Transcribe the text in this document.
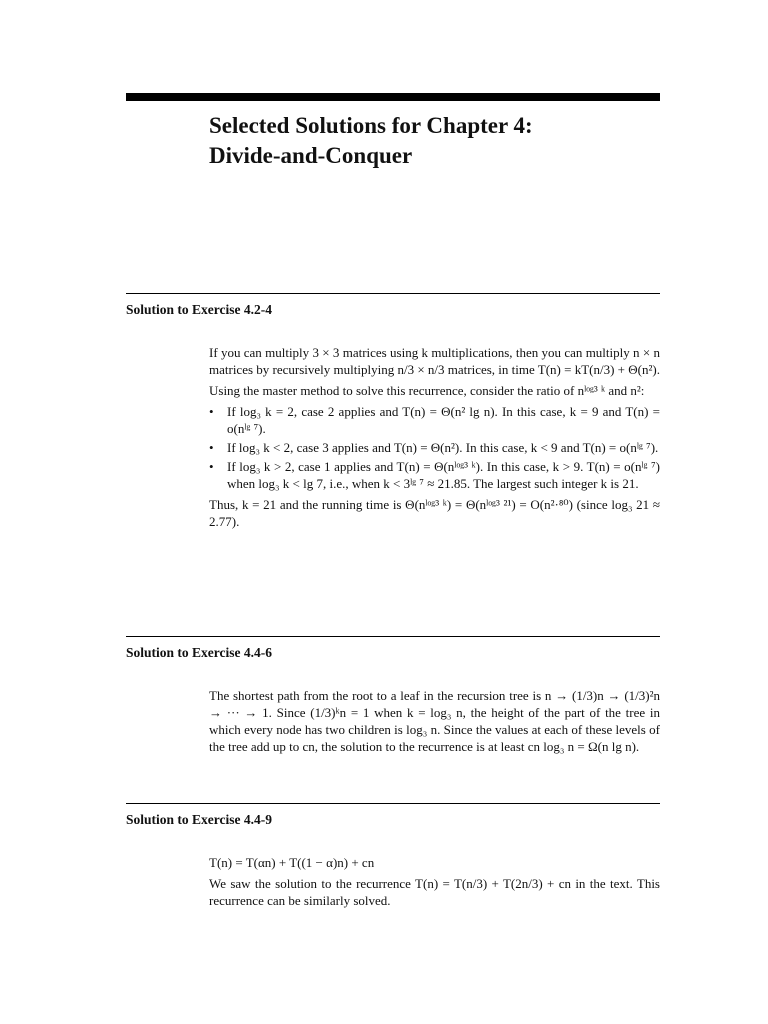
Selected Solutions for Chapter 4:
Divide-and-Conquer
Solution to Exercise 4.2-4

If you can multiply 3 × 3 matrices using k multiplications, then you can multiply n × n matrices by recursively multiplying n/3 × n/3 matrices, in time T(n) = kT(n/3) + Θ(n²).

Using the master method to solve this recurrence, consider the ratio of nˡᵒᵍ³ ᵏ and n²:

• If log₃ k = 2, case 2 applies and T(n) = Θ(n² lg n). In this case, k = 9 and T(n) = o(nˡᵍ ⁷).
• If log₃ k < 2, case 3 applies and T(n) = Θ(n²). In this case, k < 9 and T(n) = o(nˡᵍ ⁷).
• If log₃ k > 2, case 1 applies and T(n) = Θ(nˡᵒᵍ³ ᵏ). In this case, k > 9. T(n) = o(nˡᵍ ⁷) when log₃ k < lg 7, i.e., when k < 3ˡᵍ ⁷ ≈ 21.85. The largest such integer k is 21.

Thus, k = 21 and the running time is Θ(nˡᵒᵍ³ ᵏ) = Θ(nˡᵒᵍ³ ²¹) = O(n²·⁸⁰) (since log₃ 21 ≈ 2.77).

Solution to Exercise 4.4-6

The shortest path from the root to a leaf in the recursion tree is n → (1/3)n → (1/3)²n → ··· → 1. Since (1/3)ᵏn = 1 when k = log₃ n, the height of the part of the tree in which every node has two children is log₃ n. Since the values at each of these levels of the tree add up to cn, the solution to the recurrence is at least cn log₃ n = Ω(n lg n).

Solution to Exercise 4.4-9

T(n) = T(αn) + T((1 − α)n) + cn

We saw the solution to the recurrence T(n) = T(n/3) + T(2n/3) + cn in the text. This recurrence can be similarly solved.
